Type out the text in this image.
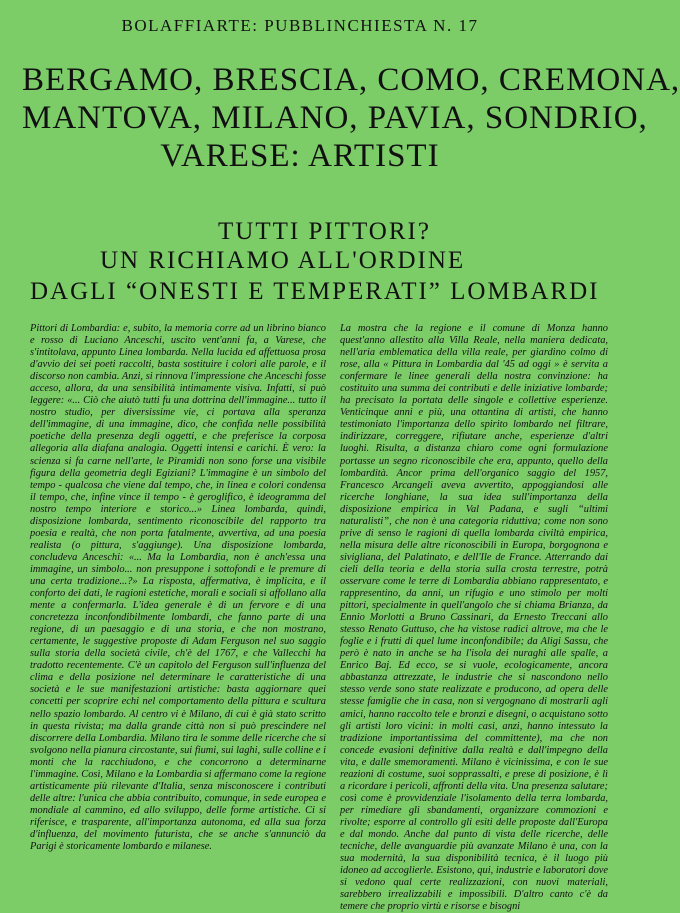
BOLAFFIARTE: PUBBLINCHIESTA N. 17
BERGAMO, BRESCIA, COMO, CREMONA,
MANTOVA, MILANO, PAVIA, SONDRIO,
VARESE: ARTISTI
TUTTI PITTORI?
UN RICHIAMO ALL'ORDINE
DAGLI “ONESTI E TEMPERATI” LOMBARDI

Pittori di Lombardia: e, subito, la memoria corre ad un librino bianco e rosso di Luciano Anceschi, uscito vent'anni fa, a Varese, che s'intitolava, appunto Linea lombarda. Nella lucida ed affettuosa prosa d'avvio dei sei poeti raccolti, basta sostituire i colori alle parole, e il discorso non cambia. Anzi, si rinnova l'impressione che Anceschi fosse acceso, allora, da una sensibilità intimamente visiva. Infatti, si può leggere: «... Ciò che aiutò tutti fu una dottrina dell'immagine... tutto il nostro studio, per diversissime vie, ci portava alla speranza dell'immagine, di una immagine, dico, che confida nelle possibilità poetiche della presenza degli oggetti, e che preferisce la corposa allegoria alla diafana analogia. Oggetti intensi e carichi. È vero: la scienza si fa carne nell'arte, le Piramidi non sono forse una visibile figura della geometria degli Egiziani? L'immagine è un simbolo del tempo - qualcosa che viene dal tempo, che, in linea e colori condensa il tempo, che, infine vince il tempo - è geroglifico, è ideogramma del nostro tempo interiore e storico...» Linea lombarda, quindi, disposizione lombarda, sentimento riconoscibile del rapporto tra poesia e realtà, che non porta fatalmente, avvertiva, ad una poesia realista (o pittura, s'aggiunge). Una disposizione lombarda, concludeva Anceschi: «... Ma la Lombardia, non è anch'essa una immagine, un simbolo... non presuppone i sottofondi e le premure di una certa tradizione...?» La risposta, affermativa, è implicita, e il conforto dei dati, le ragioni estetiche, morali e sociali si affollano alla mente a confermarla. L'idea generale è di un fervore e di una concretezza inconfondibilmente lombardi, che fanno parte di una regione, di un paesaggio e di una storia, e che non mostrano, certamente, le suggestive proposte di Adam Ferguson nel suo saggio sulla storia della società civile, ch'è del 1767, e che Vallecchi ha tradotto recentemente. C'è un capitolo del Ferguson sull'influenza del clima e della posizione nel determinare le caratteristiche di una società e le sue manifestazioni artistiche: basta aggiornare quei concetti per scoprire echi nel comportamento della pittura e scultura nello spazio lombardo. Al centro vi è Milano, di cui è già stato scritto in questa rivista; ma dalla grande città non si può prescindere nel discorrere della Lombardia. Milano tira le somme delle ricerche che si svolgono nella pianura circostante, sui fiumi, sui laghi, sulle colline e i monti che la racchiudono, e che concorrono a determinarne l'immagine. Così, Milano e la Lombardia si affermano come la regione artisticamente più rilevante d'Italia, senza misconoscere i contributi delle altre: l'unica che abbia contribuito, comunque, in sede europea e mondiale al cammino, ed allo sviluppo, delle forme artistiche. Ci si riferisce, e trasparente, all'importanza autonoma, ed alla sua forza d'influenza, del movimento futurista, che se anche s'annunciò da Parigi è storicamente lombardo e milanese.

La mostra che la regione e il comune di Monza hanno quest'anno allestito alla Villa Reale, nella maniera dedicata, nell'aria emblematica della villa reale, per giardino colmo di rose, alla « Pittura in Lombardia dal '45 ad oggi » è servita a confermare le linee generali della nostra convinzione: ha costituito una summa dei contributi e delle iniziative lombarde; ha precisato la portata delle singole e collettive esperienze. Venticinque anni e più, una ottantina di artisti, che hanno testimoniato l'importanza dello spirito lombardo nel filtrare, indirizzare, correggere, rifiutare anche, esperienze d'altri luoghi. Risulta, a distanza chiaro come ogni formulazione portasse un segno riconoscibile che era, appunto, quello della lombardità. Ancor prima dell'organico saggio del 1957, Francesco Arcangeli aveva avvertito, appoggiandosi alle ricerche longhiane, la sua idea sull'importanza della disposizione empirica in Val Padana, e sugli “ultimi naturalisti”, che non è una categoria riduttiva; come non sono prive di senso le ragioni di quella lombarda civiltà empirica, nella misura delle altre riconoscibili in Europa, borgognona e sivigliana, del Palatinato, e dell'Ile de France. Atterrando dai cieli della teoria e della storia sulla crosta terrestre, potrà osservare come le terre di Lombardia abbiano rappresentato, e rappresentino, da anni, un rifugio e uno stimolo per molti pittori, specialmente in quell'angolo che si chiama Brianza, da Ennio Morlotti a Bruno Cassinari, da Ernesto Treccani allo stesso Renato Guttuso, che ha vistose radici altrove, ma che le foglie e i frutti di quel lume inconfondibile; da Aligi Sassu, che però è nato in anche se ha l'isola dei nuraghi alle spalle, a Enrico Baj. Ed ecco, se si vuole, ecologicamente, ancora abbastanza attrezzate, le industrie che si nascondono nello stesso verde sono state realizzate e producono, ad opera delle stesse famiglie che in casa, non si vergognano di mostrarli agli amici, hanno raccolto tele e bronzi e disegni, o acquistano sotto gli artisti loro vicini: in molti casi, anzi, hanno intessuto la tradizione importantissima del committente), ma che non concede evasioni definitive dalla realtà e dall'impegno della vita, e dalle smemoramenti. Milano è vicinissima, e con le sue reazioni di costume, suoi sopprassalti, e prese di posizione, è lì a ricordare i pericoli, affronti della vita. Una presenza salutare; così come è provvidenziale l'isolamento della terra lombarda, per rimediare gli sbandamenti, organizzare commozioni e rivolte; esporre al controllo gli esiti delle proposte dall'Europa e dal mondo. Anche dal punto di vista delle ricerche, delle tecniche, delle avanguardie più avanzate Milano è una, con la sua modernità, la sua disponibilità tecnica, è il luogo più idoneo ad accoglierle. Esistono, qui, industrie e laboratori dove si vedono qual certe realizzazioni, con nuovi materiali, sarebbero irrealizzabili e impossibili. D'altro canto c'è da temere che proprio virtù e risorse e bisogni
